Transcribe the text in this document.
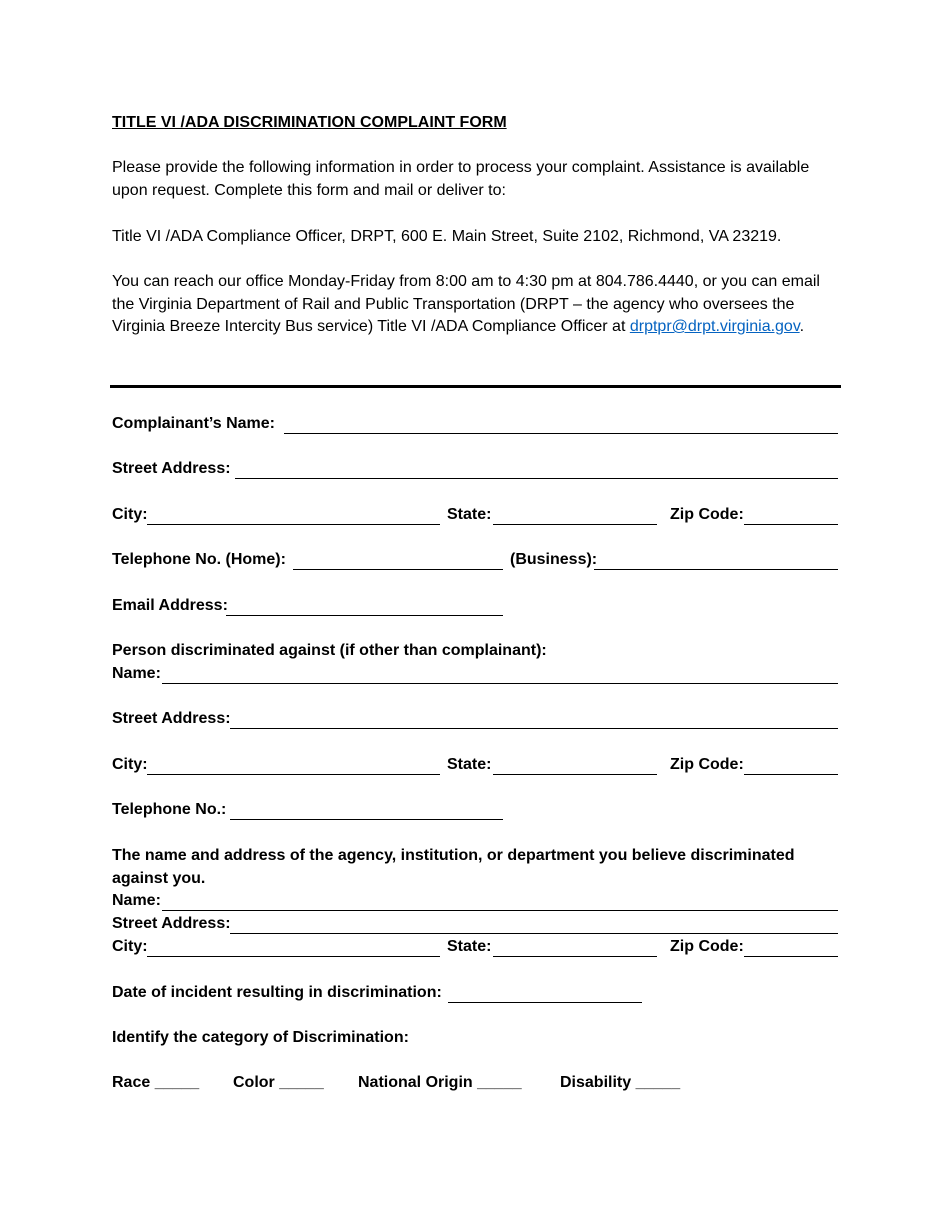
TITLE VI /ADA DISCRIMINATION COMPLAINT FORM
Please provide the following information in order to process your complaint. Assistance is available upon request. Complete this form and mail or deliver to:
Title VI /ADA Compliance Officer, DRPT, 600 E. Main Street, Suite 2102, Richmond, VA 23219.
You can reach our office Monday-Friday from 8:00 am to 4:30 pm at 804.786.4440, or you can email the Virginia Department of Rail and Public Transportation (DRPT – the agency who oversees the Virginia Breeze Intercity Bus service) Title VI /ADA Compliance Officer at drptpr@drpt.virginia.gov.
Complainant’s Name:
Street Address:
City:	State:	Zip Code:
Telephone No. (Home):	(Business):
Email Address:
Person discriminated against (if other than complainant):
Name:
Street Address:
City:	State:	Zip Code:
Telephone No.:
The name and address of the agency, institution, or department you believe discriminated
against you.
Name:
Street Address:
City:	State:	Zip Code:
Date of incident resulting in discrimination:
Identify the category of Discrimination:
Race _____ Color _____ National Origin _____ Disability _____
